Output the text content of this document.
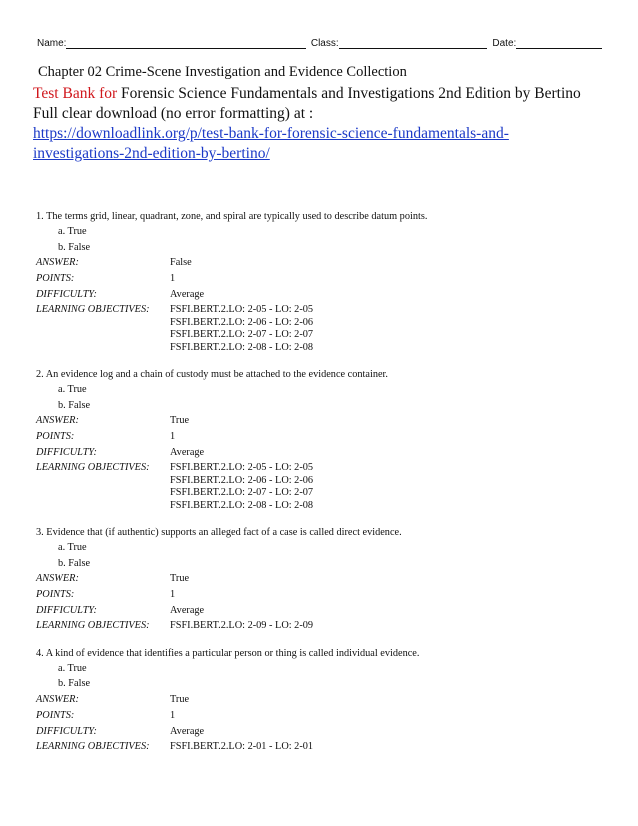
Name:	Class:	Date:
Chapter 02 Crime-Scene Investigation and Evidence Collection
Test Bank for Forensic Science Fundamentals and Investigations 2nd Edition by Bertino
Full clear download (no error formatting) at :
https://downloadlink.org/p/test-bank-for-forensic-science-fundamentals-and-investigations-2nd-edition-by-bertino/
1. The terms grid, linear, quadrant, zone, and spiral are typically used to describe datum points.
a. True
b. False
ANSWER:	False
POINTS:	1
DIFFICULTY:	Average
LEARNING OBJECTIVES:	FSFI.BERT.2.LO: 2-05 - LO: 2-05
FSFI.BERT.2.LO: 2-06 - LO: 2-06
FSFI.BERT.2.LO: 2-07 - LO: 2-07
FSFI.BERT.2.LO: 2-08 - LO: 2-08
2. An evidence log and a chain of custody must be attached to the evidence container.
a. True
b. False
ANSWER:	True
POINTS:	1
DIFFICULTY:	Average
LEARNING OBJECTIVES:	FSFI.BERT.2.LO: 2-05 - LO: 2-05
FSFI.BERT.2.LO: 2-06 - LO: 2-06
FSFI.BERT.2.LO: 2-07 - LO: 2-07
FSFI.BERT.2.LO: 2-08 - LO: 2-08
3. Evidence that (if authentic) supports an alleged fact of a case is called direct evidence.
a. True
b. False
ANSWER:	True
POINTS:	1
DIFFICULTY:	Average
LEARNING OBJECTIVES:	FSFI.BERT.2.LO: 2-09 - LO: 2-09
4. A kind of evidence that identifies a particular person or thing is called individual evidence.
a. True
b. False
ANSWER:	True
POINTS:	1
DIFFICULTY:	Average
LEARNING OBJECTIVES:	FSFI.BERT.2.LO: 2-01 - LO: 2-01
